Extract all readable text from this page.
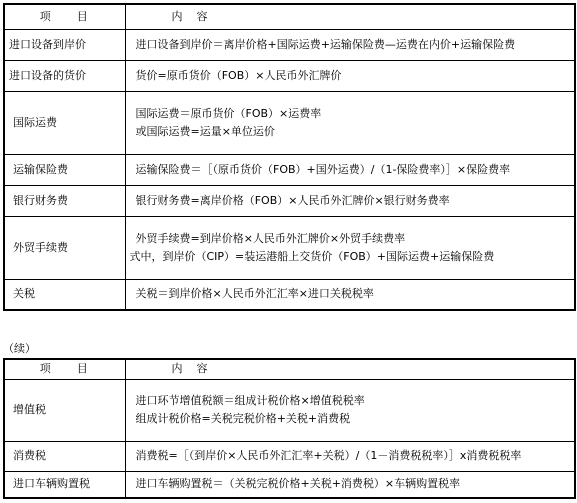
项 目	内 容
进口设备到岸价	进口设备到岸价＝离岸价格+国际运费+运输保险费—运费在内价+运输保险费

进口设备的货价	货价=原币货价（FOB）×人民币外汇牌价

国际运费	国际运费＝原币货价（FOB）×运费率
或国际运费=运量×单位运价

运输保险费	运输保险费＝［（原币货价（FOB）+国外运费）∕（1-保险费率）］×保险费率

银行财务费	银行财务费=离岸价格（FOB）×人民币外汇牌价×银行财务费率

外贸手续费	外贸手续费=到岸价格×人民币外汇牌价×外贸手续费率
式中，到岸价（CIP）=装运港船上交货价（FOB）+国际运费+运输保险费

关税	关税＝到岸价格×人民币外汇汇率×进口关税税率
（续）
项 目	内 容
增值税	进口环节增值税额＝组成计税价格×增值税税率
组成计税价格=关税完税价格+关税+消费税

消费税	消费税=［（到岸价×人民币外汇汇率+关税）∕（1－消费税税率）］x消费税税率

进口车辆购置税	进口车辆购置税＝（关税完税价格+关税+消费税）×车辆购置税率
